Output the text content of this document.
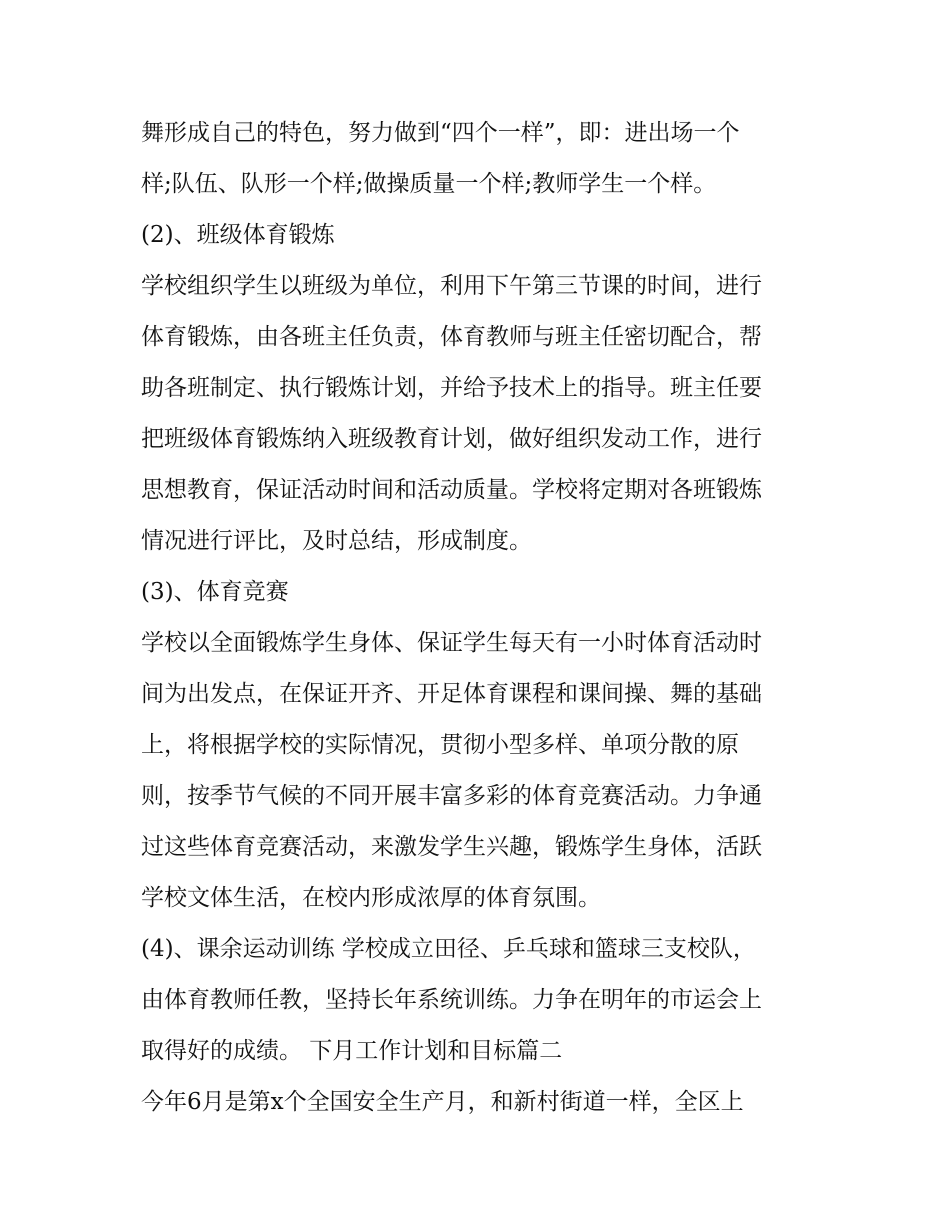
舞形成自己的特色，努力做到“四个一样”，即：进出场一个
样;队伍、队形一个样;做操质量一个样;教师学生一个样。
(2)、班级体育锻炼
学校组织学生以班级为单位，利用下午第三节课的时间，进行
体育锻炼，由各班主任负责，体育教师与班主任密切配合，帮
助各班制定、执行锻炼计划，并给予技术上的指导。班主任要
把班级体育锻炼纳入班级教育计划，做好组织发动工作，进行
思想教育，保证活动时间和活动质量。学校将定期对各班锻炼
情况进行评比，及时总结，形成制度。
(3)、体育竞赛
学校以全面锻炼学生身体、保证学生每天有一小时体育活动时
间为出发点，在保证开齐、开足体育课程和课间操、舞的基础
上，将根据学校的实际情况，贯彻小型多样、单项分散的原
则，按季节气候的不同开展丰富多彩的体育竞赛活动。力争通
过这些体育竞赛活动，来激发学生兴趣，锻炼学生身体，活跃
学校文体生活，在校内形成浓厚的体育氛围。
(4)、课余运动训练 学校成立田径、乒乓球和篮球三支校队，
由体育教师任教，坚持长年系统训练。力争在明年的市运会上
取得好的成绩。 下月工作计划和目标篇二
今年6月是第x个全国安全生产月，和新村街道一样，全区上
